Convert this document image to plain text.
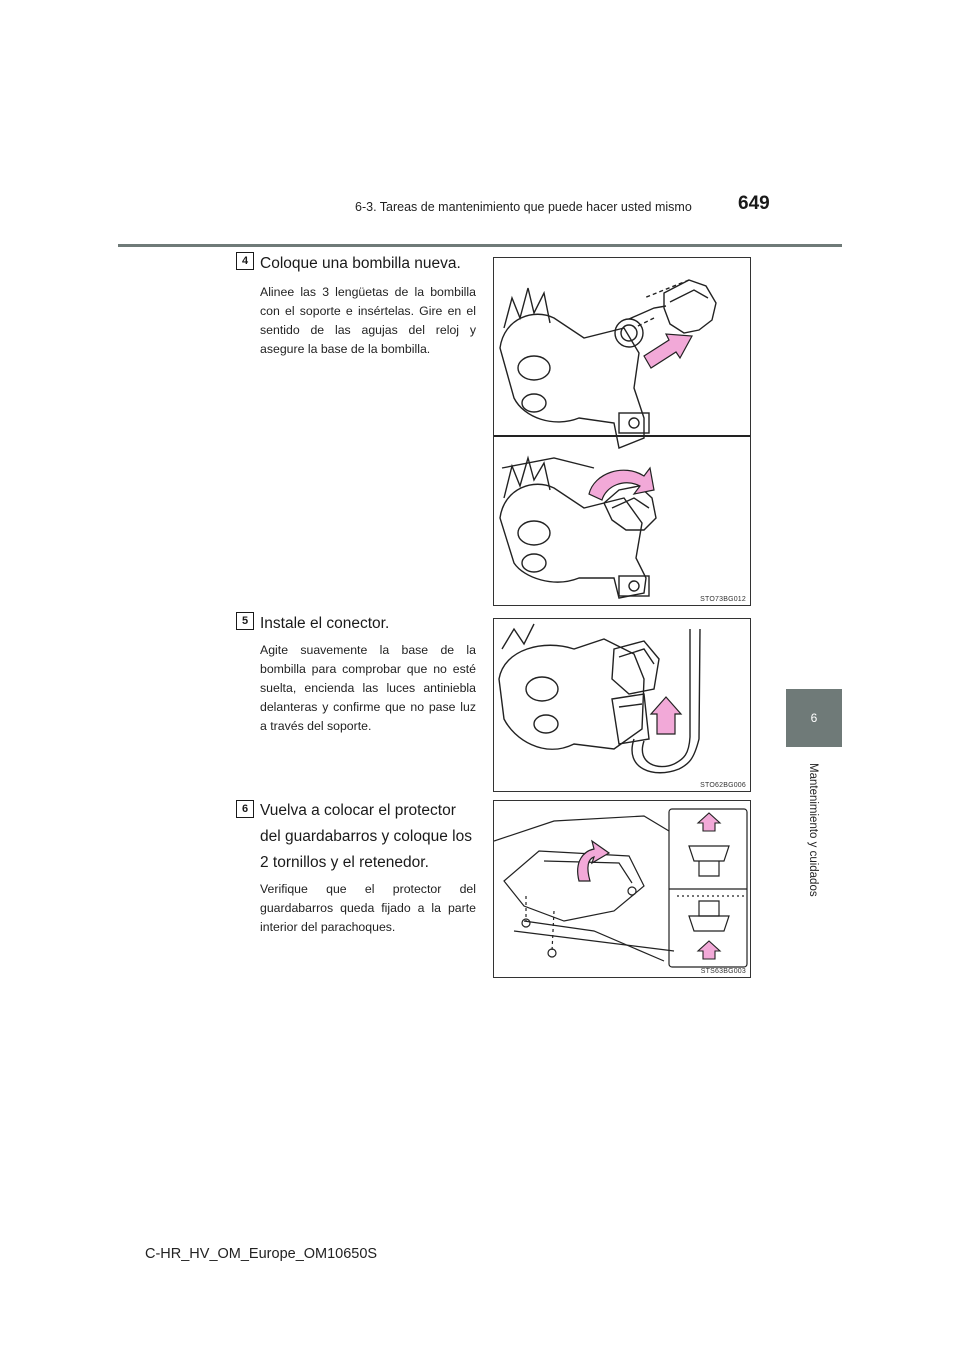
6-3. Tareas de mantenimiento que puede hacer usted mismo 649
6
Mantenimiento y cuidados
4 Coloque una bombilla nueva.
Alinee las 3 lengüetas de la bombilla con el soporte e insértelas. Gire en el sentido de las agujas del reloj y asegure la base de la bombilla.
STO73BG012
5 Instale el conector.
Agite suavemente la base de la bombilla para comprobar que no esté suelta, encienda las luces antiniebla delanteras y confirme que no pase luz a través del soporte.
STO62BG006
6 Vuelva a colocar el protector del guardabarros y coloque los 2 tornillos y el retenedor.
Verifique que el protector del guardabarros queda fijado a la parte interior del parachoques.
STS63BG003
C-HR_HV_OM_Europe_OM10650S
